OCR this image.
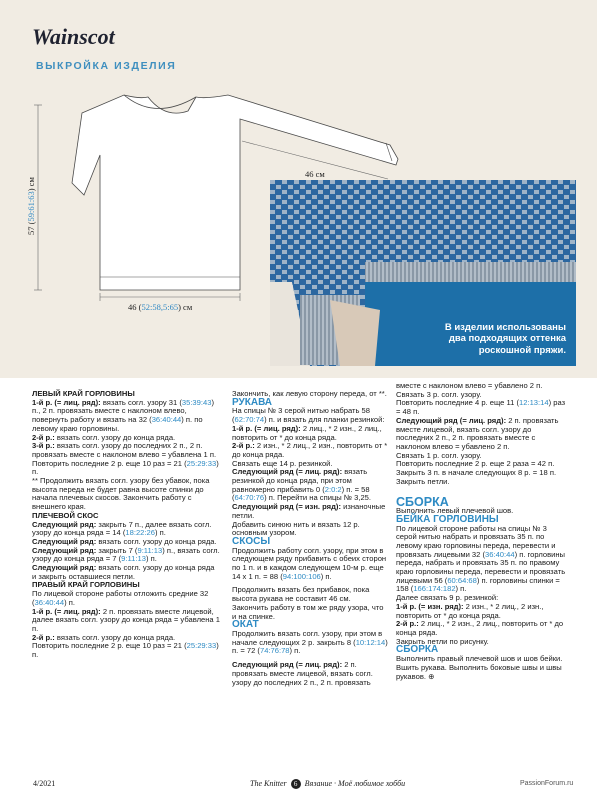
Wainscot
ВЫКРОЙКА ИЗДЕЛИЯ
57 (59:61:63) см
46 см
46 (52:58,5:65) см
В изделии использованы
два подходящих оттенка
роскошной пряжи.

ЛЕВЫЙ КРАЙ ГОРЛОВИНЫ

1-й р. (= лиц. ряд): вязать согл. узору 31 (35:39:43) п., 2 п. провязать вместе с наклоном влево, повернуть работу и вязать на 32 (36:40:44) п. по левому краю горловины.

2-й р.: вязать согл. узору до конца ряда.

3-й р.: вязать согл. узору до последних 2 п., 2 п. провязать вместе с наклоном влево = убавлена 1 п.

Повторить последние 2 р. еще 10 раз = 21 (25:29:33) п.

** Продолжить вязать согл. узору без убавок, пока высота переда не будет равна высоте спинки до начала плечевых скосов. Закончить работу с внешнего края.

ПЛЕЧЕВОЙ СКОС

Следующий ряд: закрыть 7 п., далее вязать согл. узору до конца ряда = 14 (18:22:26) п.

Следующий ряд: вязать согл. узору до конца ряда.

Следующий ряд: закрыть 7 (9:11:13) п., вязать согл. узору до конца ряда = 7 (9:11:13) п.

Следующий ряд: вязать согл. узору до конца ряда и закрыть оставшиеся петли.

ПРАВЫЙ КРАЙ ГОРЛОВИНЫ

По лицевой стороне работы отложить средние 32 (36:40:44) п.

1-й р. (= лиц. ряд): 2 п. провязать вместе лицевой, далее вязать согл. узору до конца ряда = убавлена 1 п.

2-й р.: вязать согл. узору до конца ряда.

Повторить последние 2 р. еще 10 раз = 21 (25:29:33) п.

Закончить, как левую сторону переда, от **.

РУКАВА

На спицы № 3 серой нитью набрать 58 (62:70:74) п. и вязать для планки резинкой:

1-й р. (= лиц. ряд): 2 лиц., * 2 изн., 2 лиц., повторить от * до конца ряда.

2-й р.: 2 изн., * 2 лиц., 2 изн., повторить от * до конца ряда.

Связать еще 14 р. резинкой.

Следующий ряд (= лиц. ряд): вязать резинкой до конца ряда, при этом равномерно прибавить 0 (2:0:2) п. = 58 (64:70:76) п. Перейти на спицы № 3,25.

Следующий ряд (= изн. ряд): изнаночные петли.

Добавить синюю нить и вязать 12 р. основным узором.

СКОСЫ

Продолжить работу согл. узору, при этом в следующем ряду прибавить с обеих сторон по 1 п. и в каждом следующем 10-м р. еще 14 x 1 п. = 88 (94:100:106) п.

Продолжить вязать без прибавок, пока высота рукава не составит 46 см. Закончить работу в том же ряду узора, что и на спинке.

ОКАТ

Продолжить вязать согл. узору, при этом в начале следующих 2 р. закрыть 8 (10:12:14) п. = 72 (74:76:78) п.

Следующий ряд (= лиц. ряд): 2 п. провязать вместе лицевой, вязать согл. узору до последних 2 п., 2 п. провязать

вместе с наклоном влево = убавлено 2 п.

Связать 3 р. согл. узору.

Повторить последние 4 р. еще 11 (12:13:14) раз = 48 п.

Следующий ряд (= лиц. ряд): 2 п. провязать вместе лицевой, вязать согл. узору до последних 2 п., 2 п. провязать вместе с наклоном влево = убавлено 2 п.

Связать 1 р. согл. узору.

Повторить последние 2 р. еще 2 раза = 42 п.

Закрыть 3 п. в начале следующих 8 р. = 18 п. Закрыть петли.

СБОРКА

Выполнить левый плечевой шов.

БЕЙКА ГОРЛОВИНЫ

По лицевой стороне работы на спицы № 3 серой нитью набрать и провязать 35 п. по левому краю горловины переда, перевести и провязать лицевыми 32 (36:40:44) п. горловины переда, набрать и провязать 35 п. по правому краю горловины переда, перевести и провязать лицевыми 56 (60:64:68) п. горловины спинки = 158 (166:174:182) п.

Далее связать 9 р. резинкой:

1-й р. (= изн. ряд): 2 изн., * 2 лиц., 2 изн., повторить от * до конца ряда.

2-й р.: 2 лиц., * 2 изн., 2 лиц., повторить от * до конца ряда.

Закрыть петли по рисунку.

СБОРКА

Выполнить правый плечевой шов и шов бейки. Вшить рукава. Выполнить боковые швы и швы рукавов. ⊕

4/2021	The Knitter 6 Вязание · Моё любимое хобби	PassionForum.ru
